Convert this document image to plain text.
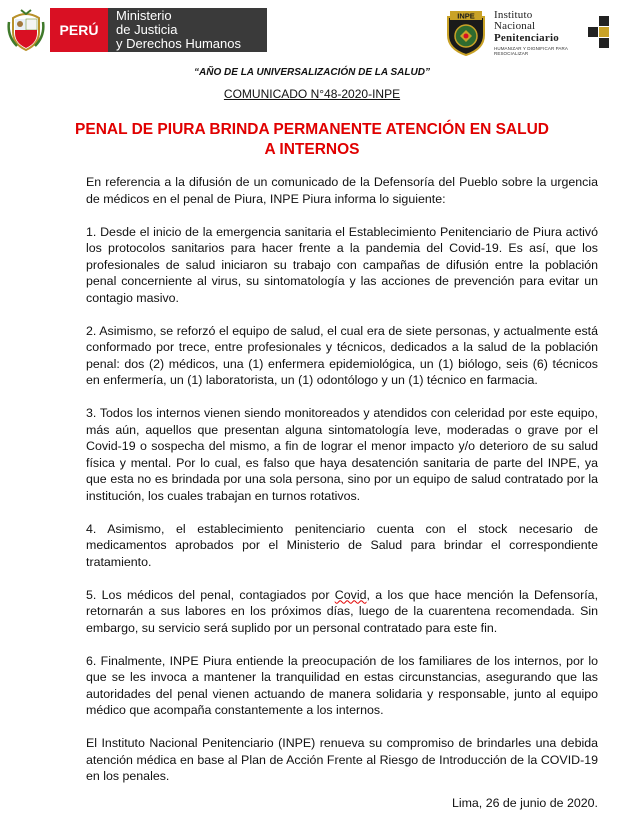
PERÚ
Ministerio
de Justicia
y Derechos Humanos
INPE Instituto
Nacional
Penitenciario
HUMANIZAR Y DIGNIFICAR PARA RESOCIALIZAR
“AÑO DE LA UNIVERSALIZACIÓN DE LA SALUD”
COMUNICADO N°48-2020-INPE
PENAL DE PIURA BRINDA PERMANENTE ATENCIÓN EN SALUD A INTERNOS

En referencia a la difusión de un comunicado de la Defensoría del Pueblo sobre la urgencia de médicos en el penal de Piura, INPE Piura informa lo siguiente:

1. Desde el inicio de la emergencia sanitaria el Establecimiento Penitenciario de Piura activó los protocolos sanitarios para hacer frente a la pandemia del Covid-19. Es así, que los profesionales de salud iniciaron su trabajo con campañas de difusión entre la población penal concerniente al virus, su sintomatología y las acciones de prevención para evitar un contagio masivo.

2. Asimismo, se reforzó el equipo de salud, el cual era de siete personas, y actualmente está conformado por trece, entre profesionales y técnicos, dedicados a la salud de la población penal: dos (2) médicos, una (1) enfermera epidemiológica, un (1) biólogo, seis (6) técnicos en enfermería, un (1) laboratorista, un (1) odontólogo y un (1) técnico en farmacia.

3. Todos los internos vienen siendo monitoreados y atendidos con celeridad por este equipo, más aún, aquellos que presentan alguna sintomatología leve, moderadas o grave por el Covid-19 o sospecha del mismo, a fin de lograr el menor impacto y/o deterioro de su salud física y mental. Por lo cual, es falso que haya desatención sanitaria de parte del INPE, ya que esta no es brindada por una sola persona, sino por un equipo de salud contratado por la institución, los cuales trabajan en turnos rotativos.

4. Asimismo, el establecimiento penitenciario cuenta con el stock necesario de medicamentos aprobados por el Ministerio de Salud para brindar el correspondiente tratamiento.

5. Los médicos del penal, contagiados por Covid, a los que hace mención la Defensoría, retornarán a sus labores en los próximos días, luego de la cuarentena recomendada. Sin embargo, su servicio será suplido por un personal contratado para este fin.

6. Finalmente, INPE Piura entiende la preocupación de los familiares de los internos, por lo que se les invoca a mantener la tranquilidad en estas circunstancias, asegurando que las autoridades del penal vienen actuando de manera solidaria y responsable, junto al equipo médico que acompaña constantemente a los internos.

El Instituto Nacional Penitenciario (INPE) renueva su compromiso de brindarles una debida atención médica en base al Plan de Acción Frente al Riesgo de Introducción de la COVID-19 en los penales.

Lima, 26 de junio de 2020.
